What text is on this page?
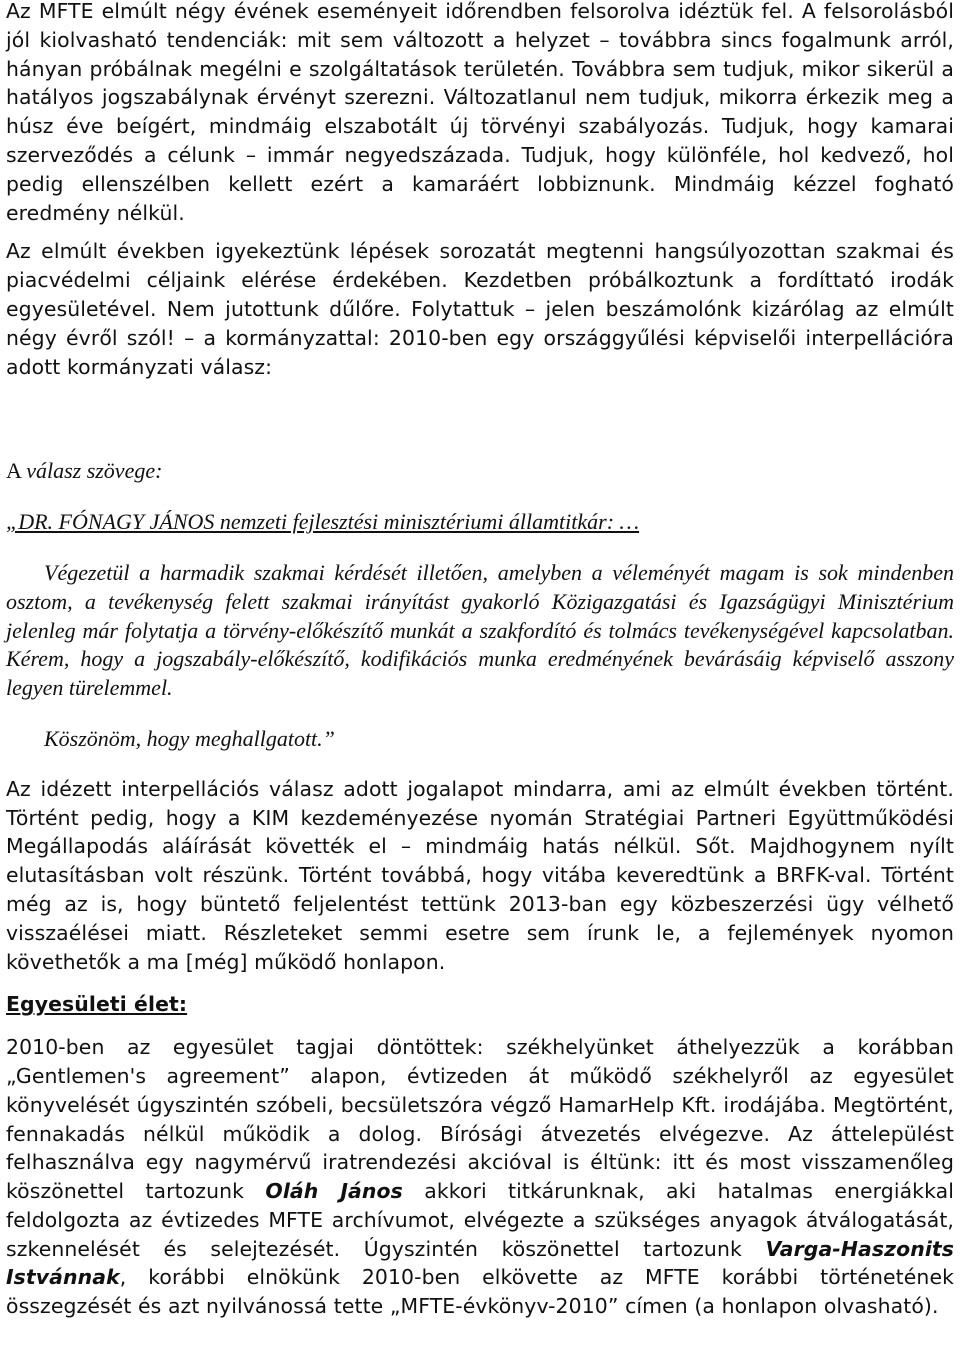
Az MFTE elmúlt négy évének eseményeit időrendben felsorolva idéztük fel. A felsorolásból jól kiolvasható tendenciák: mit sem változott a helyzet – továbbra sincs fogalmunk arról, hányan próbálnak megélni e szolgáltatások területén. Továbbra sem tudjuk, mikor sikerül a hatályos jogszabálynak érvényt szerezni. Változatlanul nem tudjuk, mikorra érkezik meg a húsz éve beígért, mindmáig elszabotált új törvényi szabályozás. Tudjuk, hogy kamarai szerveződés a célunk – immár negyedszázada. Tudjuk, hogy különféle, hol kedvező, hol pedig ellenszélben kellett ezért a kamaráért lobbiznunk. Mindmáig kézzel fogható eredmény nélkül.

Az elmúlt években igyekeztünk lépések sorozatát megtenni hangsúlyozottan szakmai és piacvédelmi céljaink elérése érdekében. Kezdetben próbálkoztunk a fordíttató irodák egyesületével. Nem jutottunk dűlőre. Folytattuk – jelen beszámolónk kizárólag az elmúlt négy évről szól! – a kormányzattal: 2010-ben egy országgyűlési képviselői interpellációra adott kormányzati válasz:

A válasz szövege:

„DR. FÓNAGY JÁNOS nemzeti fejlesztési minisztériumi államtitkár: …

Végezetül a harmadik szakmai kérdését illetően, amelyben a véleményét magam is sok mindenben osztom, a tevékenység felett szakmai irányítást gyakorló Közigazgatási és Igazságügyi Minisztérium jelenleg már folytatja a törvény-előkészítő munkát a szakfordító és tolmács tevékenységével kapcsolatban. Kérem, hogy a jogszabály-előkészítő, kodifikációs munka eredményének bevárásáig képviselő asszony legyen türelemmel.

Köszönöm, hogy meghallgatott.”

Az idézett interpellációs válasz adott jogalapot mindarra, ami az elmúlt években történt. Történt pedig, hogy a KIM kezdeményezése nyomán Stratégiai Partneri Együttműködési Megállapodás aláírását követték el – mindmáig hatás nélkül. Sőt. Majdhogynem nyílt elutasításban volt részünk. Történt továbbá, hogy vitába keveredtünk a BRFK-val. Történt még az is, hogy büntető feljelentést tettünk 2013-ban egy közbeszerzési ügy vélhető visszaélései miatt. Részleteket semmi esetre sem írunk le, a fejlemények nyomon követhetők a ma [még] működő honlapon.

Egyesületi élet:

2010-ben az egyesület tagjai döntöttek: székhelyünket áthelyezzük a korábban „Gentlemen's agreement” alapon, évtizeden át működő székhelyről az egyesület könyvelését úgyszintén szóbeli, becsületszóra végző HamarHelp Kft. irodájába. Megtörtént, fennakadás nélkül működik a dolog. Bírósági átvezetés elvégezve. Az áttelepülést felhasználva egy nagymérvű iratrendezési akcióval is éltünk: itt és most visszamenőleg köszönettel tartozunk Oláh János akkori titkárunknak, aki hatalmas energiákkal feldolgozta az évtizedes MFTE archívumot, elvégezte a szükséges anyagok átválogatását, szkennelését és selejtezését. Úgyszintén köszönettel tartozunk Varga-Haszonits Istvánnak, korábbi elnökünk 2010-ben elkövette az MFTE korábbi történetének összegzését és azt nyilvánossá tette „MFTE-évkönyv-2010” címen (a honlapon olvasható).
